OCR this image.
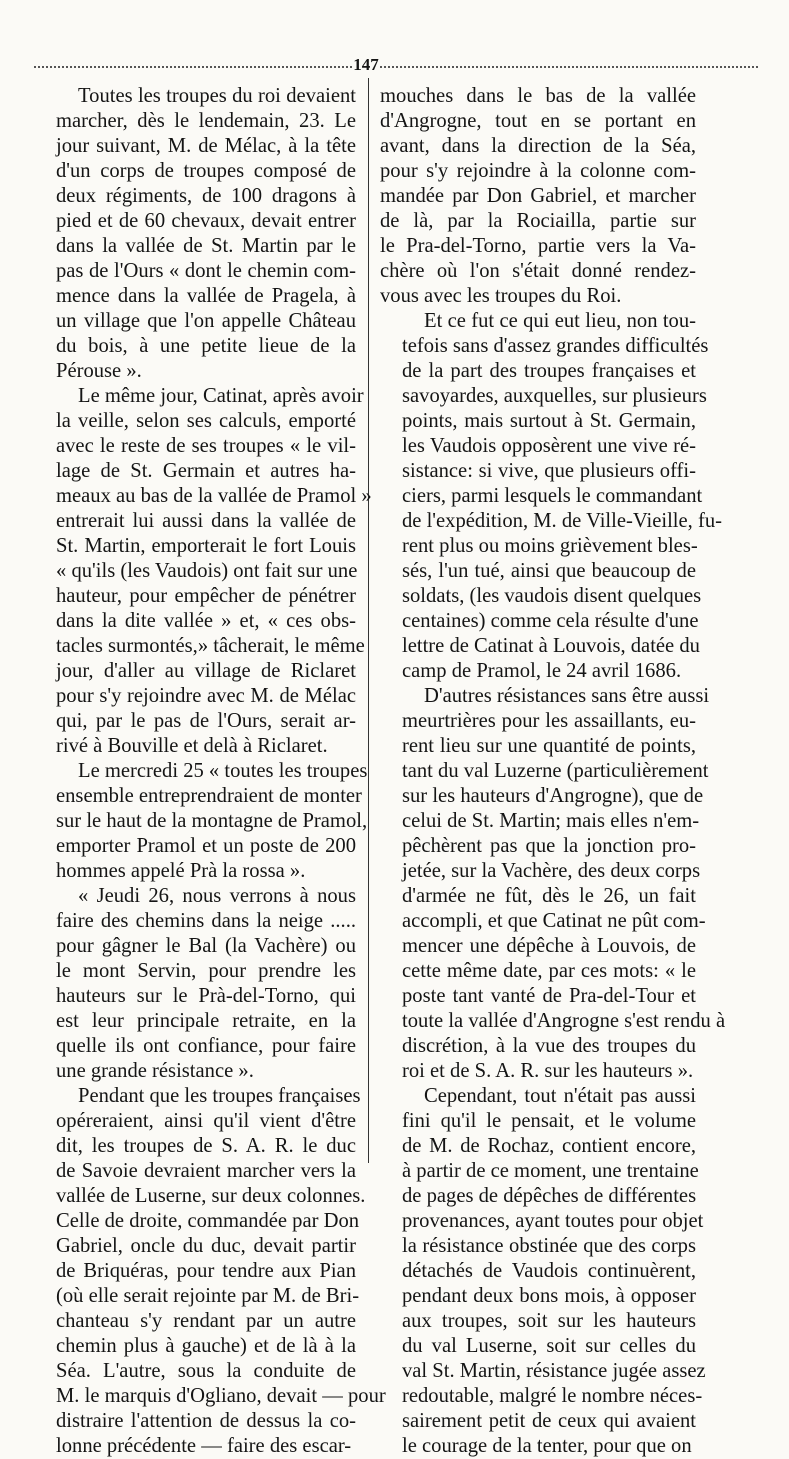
147

Toutes les troupes du roi devaient
marcher, dès le lendemain, 23. Le
jour suivant, M. de Mélac, à la tête
d'un corps de troupes composé de
deux régiments, de 100 dragons à
pied et de 60 chevaux, devait entrer
dans la vallée de St. Martin par le
pas de l'Ours « dont le chemin com-
mence dans la vallée de Pragela, à
un village que l'on appelle Château
du bois, à une petite lieue de la
Pérouse ».

Le même jour, Catinat, après avoir
la veille, selon ses calculs, emporté
avec le reste de ses troupes « le vil-
lage de St. Germain et autres ha-
meaux au bas de la vallée de Pramol »
entrerait lui aussi dans la vallée de
St. Martin, emporterait le fort Louis
« qu'ils (les Vaudois) ont fait sur une
hauteur, pour empêcher de pénétrer
dans la dite vallée » et, « ces obs-
tacles surmontés,» tâcherait, le même
jour, d'aller au village de Riclaret
pour s'y rejoindre avec M. de Mélac
qui, par le pas de l'Ours, serait ar-
rivé à Bouville et delà à Riclaret.

Le mercredi 25 « toutes les troupes
ensemble entreprendraient de monter
sur le haut de la montagne de Pramol,
emporter Pramol et un poste de 200
hommes appelé Prà la rossa ».

« Jeudi 26, nous verrons à nous
faire des chemins dans la neige .....
pour gâgner le Bal (la Vachère) ou
le mont Servin, pour prendre les
hauteurs sur le Prà-del-Torno, qui
est leur principale retraite, en la
quelle ils ont confiance, pour faire
une grande résistance ».

Pendant que les troupes françaises
opéreraient, ainsi qu'il vient d'être
dit, les troupes de S. A. R. le duc
de Savoie devraient marcher vers la
vallée de Luserne, sur deux colonnes.
Celle de droite, commandée par Don
Gabriel, oncle du duc, devait partir
de Briquéras, pour tendre aux Pian
(où elle serait rejointe par M. de Bri-
chanteau s'y rendant par un autre
chemin plus à gauche) et de là à la
Séa. L'autre, sous la conduite de
M. le marquis d'Ogliano, devait — pour
distraire l'attention de dessus la co-
lonne précédente — faire des escar-

mouches dans le bas de la vallée
d'Angrogne, tout en se portant en
avant, dans la direction de la Séa,
pour s'y rejoindre à la colonne com-
mandée par Don Gabriel, et marcher
de là, par la Rociailla, partie sur
le Pra-del-Torno, partie vers la Va-
chère où l'on s'était donné rendez-
vous avec les troupes du Roi.

Et ce fut ce qui eut lieu, non tou-
tefois sans d'assez grandes difficultés
de la part des troupes françaises et
savoyardes, auxquelles, sur plusieurs
points, mais surtout à St. Germain,
les Vaudois opposèrent une vive ré-
sistance: si vive, que plusieurs offi-
ciers, parmi lesquels le commandant
de l'expédition, M. de Ville-Vieille, fu-
rent plus ou moins grièvement bles-
sés, l'un tué, ainsi que beaucoup de
soldats, (les vaudois disent quelques
centaines) comme cela résulte d'une
lettre de Catinat à Louvois, datée du
camp de Pramol, le 24 avril 1686.

D'autres résistances sans être aussi
meurtrières pour les assaillants, eu-
rent lieu sur une quantité de points,
tant du val Luzerne (particulièrement
sur les hauteurs d'Angrogne), que de
celui de St. Martin; mais elles n'em-
pêchèrent pas que la jonction pro-
jetée, sur la Vachère, des deux corps
d'armée ne fût, dès le 26, un fait
accompli, et que Catinat ne pût com-
mencer une dépêche à Louvois, de
cette même date, par ces mots: « le
poste tant vanté de Pra-del-Tour et
toute la vallée d'Angrogne s'est rendu à
discrétion, à la vue des troupes du
roi et de S. A. R. sur les hauteurs ».

Cependant, tout n'était pas aussi
fini qu'il le pensait, et le volume
de M. de Rochaz, contient encore,
à partir de ce moment, une trentaine
de pages de dépêches de différentes
provenances, ayant toutes pour objet
la résistance obstinée que des corps
détachés de Vaudois continuèrent,
pendant deux bons mois, à opposer
aux troupes, soit sur les hauteurs
du val Luserne, soit sur celles du
val St. Martin, résistance jugée assez
redoutable, malgré le nombre néces-
sairement petit de ceux qui avaient
le courage de la tenter, pour que on
